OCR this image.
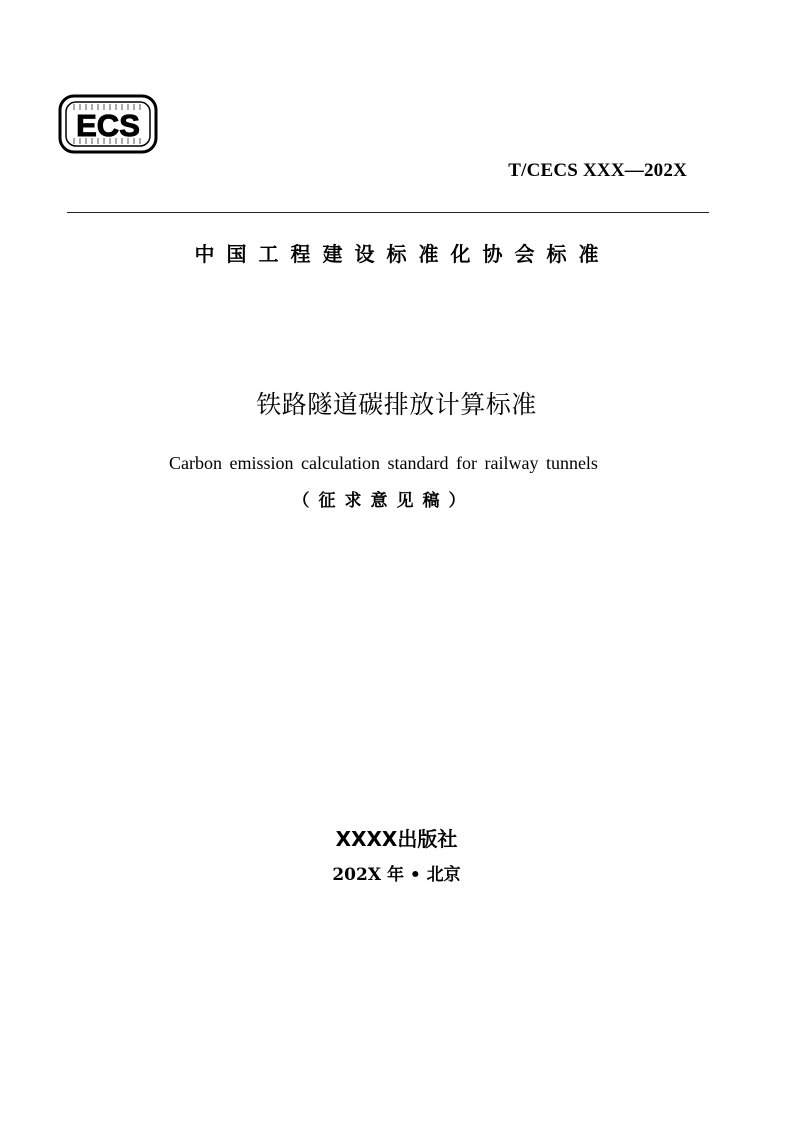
ECS
T/CECS XXX—202X
中国工程建设标准化协会标准
铁路隧道碳排放计算标准
Carbon emission calculation standard for railway tunnels
（征求意见稿）
XXXX出版社
202X 年 • 北京
